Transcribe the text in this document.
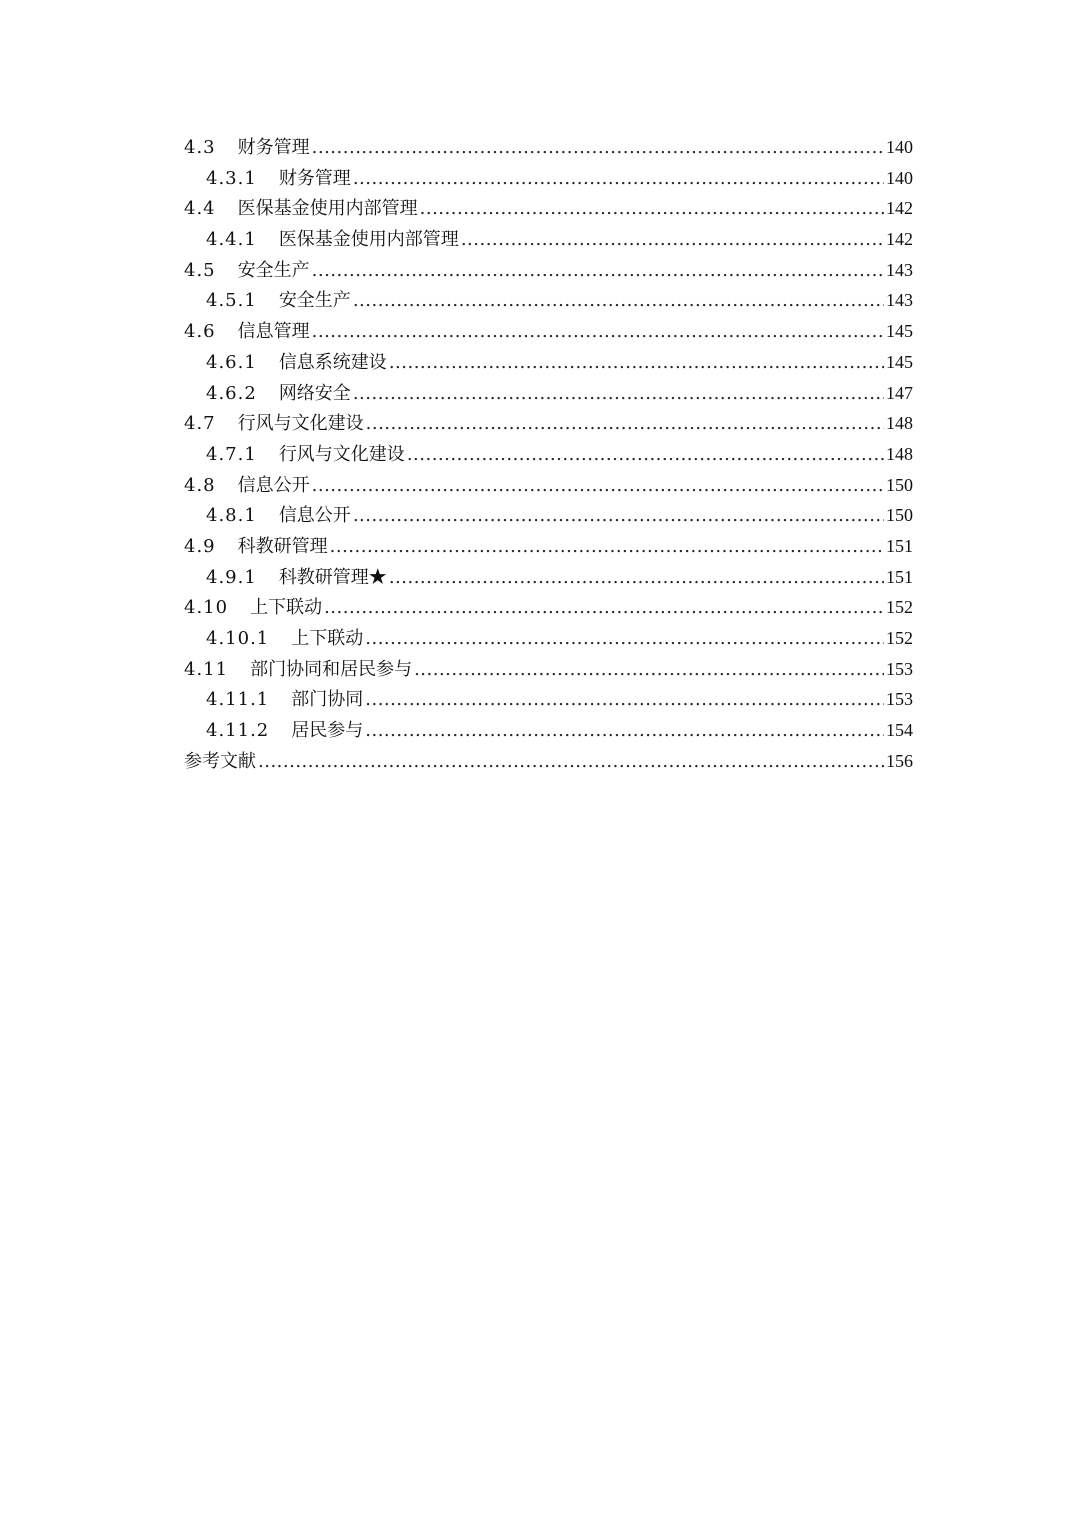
4.3 财务管理 .....	140
4.3.1 财务管理 .....	140
4.4 医保基金使用内部管理 .....	142
4.4.1 医保基金使用内部管理 .....	142
4.5 安全生产 .....	143
4.5.1 安全生产 .....	143
4.6 信息管理 .....	145
4.6.1 信息系统建设 .....	145
4.6.2 网络安全 .....	147
4.7 行风与文化建设 .....	148
4.7.1 行风与文化建设 .....	148
4.8 信息公开 .....	150
4.8.1 信息公开 .....	150
4.9 科教研管理 .....	151
4.9.1 科教研管理★ .....	151
4.10 上下联动 .....	152
4.10.1 上下联动 .....	152
4.11 部门协同和居民参与 .....	153
4.11.1 部门协同 .....	153
4.11.2 居民参与 .....	154
参考文献 .....	156
